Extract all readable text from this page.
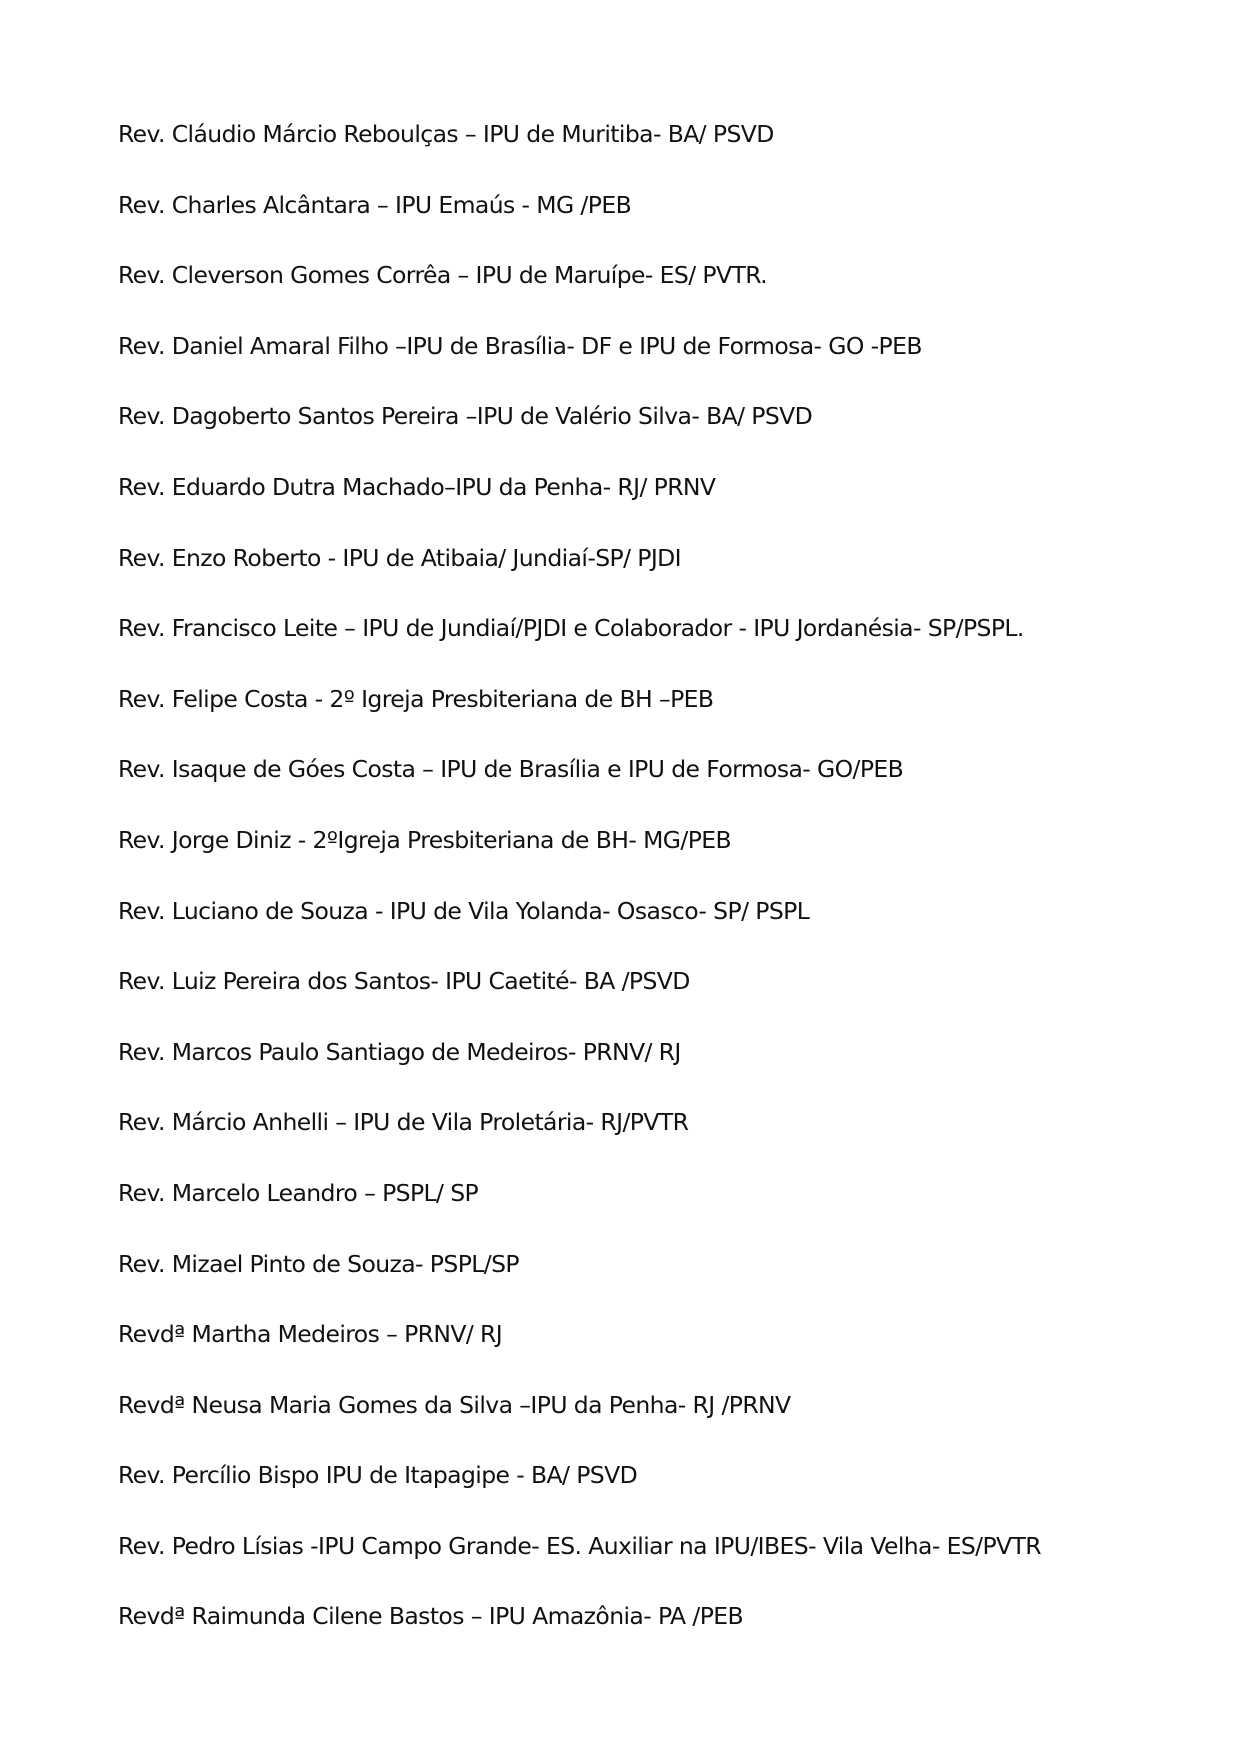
Rev. Cláudio Márcio Reboulças – IPU de Muritiba- BA/ PSVD
Rev. Charles Alcântara – IPU Emaús - MG /PEB
Rev. Cleverson Gomes Corrêa – IPU de Maruípe- ES/ PVTR.
Rev. Daniel Amaral Filho –IPU de Brasília- DF e IPU de Formosa- GO -PEB
Rev. Dagoberto Santos Pereira –IPU de Valério Silva- BA/ PSVD
Rev. Eduardo Dutra Machado–IPU da Penha- RJ/ PRNV
Rev. Enzo Roberto - IPU de Atibaia/ Jundiaí-SP/ PJDI
Rev. Francisco Leite – IPU de Jundiaí/PJDI e Colaborador - IPU Jordanésia- SP/PSPL.
Rev. Felipe Costa - 2º Igreja Presbiteriana de BH –PEB
Rev. Isaque de Góes Costa – IPU de Brasília e IPU de Formosa- GO/PEB
Rev. Jorge Diniz - 2ºIgreja Presbiteriana de BH- MG/PEB
Rev. Luciano de Souza - IPU de Vila Yolanda- Osasco- SP/ PSPL
Rev. Luiz Pereira dos Santos- IPU Caetité- BA /PSVD
Rev. Marcos Paulo Santiago de Medeiros- PRNV/ RJ
Rev. Márcio Anhelli – IPU de Vila Proletária- RJ/PVTR
Rev. Marcelo Leandro – PSPL/ SP
Rev. Mizael Pinto de Souza- PSPL/SP
Revdª Martha Medeiros – PRNV/ RJ
Revdª Neusa Maria Gomes da Silva –IPU da Penha- RJ /PRNV
Rev. Percílio Bispo IPU de Itapagipe - BA/ PSVD
Rev. Pedro Lísias -IPU Campo Grande- ES. Auxiliar na IPU/IBES- Vila Velha- ES/PVTR
Revdª Raimunda Cilene Bastos – IPU Amazônia- PA /PEB
